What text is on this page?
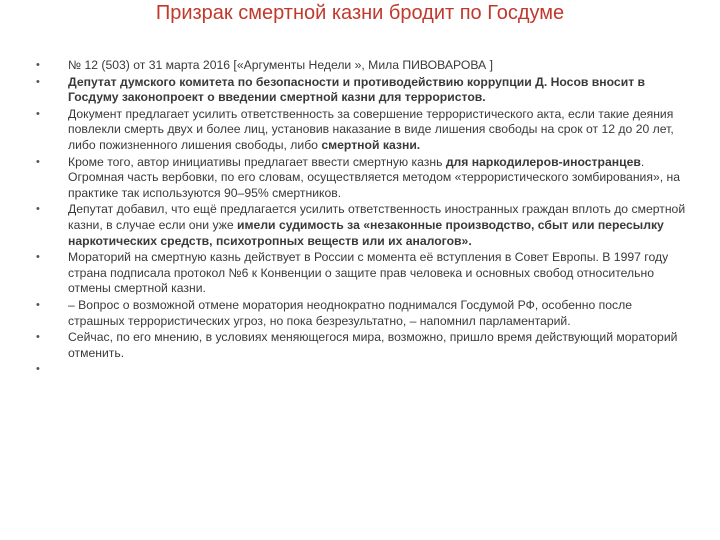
Призрак смертной казни бродит по Госдуме
•	№ 12 (503) от 31 марта 2016 [«Аргументы Недели », Мила ПИВОВАРОВА ]
•	Депутат думского комитета по безопасности и противодействию коррупции Д. Носов вносит в Госдуму законопроект о введении смертной казни для террористов.
•	Документ предлагает усилить ответственность за совершение террористического акта, если такие деяния повлекли смерть двух и более лиц, установив наказание в виде лишения свободы на срок от 12 до 20 лет, либо пожизненного лишения свободы, либо смертной казни.
•	Кроме того, автор инициативы предлагает ввести смертную казнь для наркодилеров-иностранцев. Огромная часть вербовки, по его словам, осуществляется методом «террористического зомбирования», на практике так используются 90–95% смертников.
•	Депутат добавил, что ещё предлагается усилить ответственность иностранных граждан вплоть до смертной казни, в случае если они уже имели судимость за «незаконные производство, сбыт или пересылку наркотических средств, психотропных веществ или их аналогов».
•	Мораторий на смертную казнь действует в России с момента её вступления в Совет Европы. В 1997 году страна подписала протокол №6 к Конвенции о защите прав человека и основных свобод относительно отмены смертной казни.
•	– Вопрос о возможной отмене моратория неоднократно поднимался Госдумой РФ, особенно после страшных террористических угроз, но пока безрезультатно, – напомнил парламентарий.
•	Сейчас, по его мнению, в условиях меняющегося мира, возможно, пришло время действующий мораторий отменить.
•
